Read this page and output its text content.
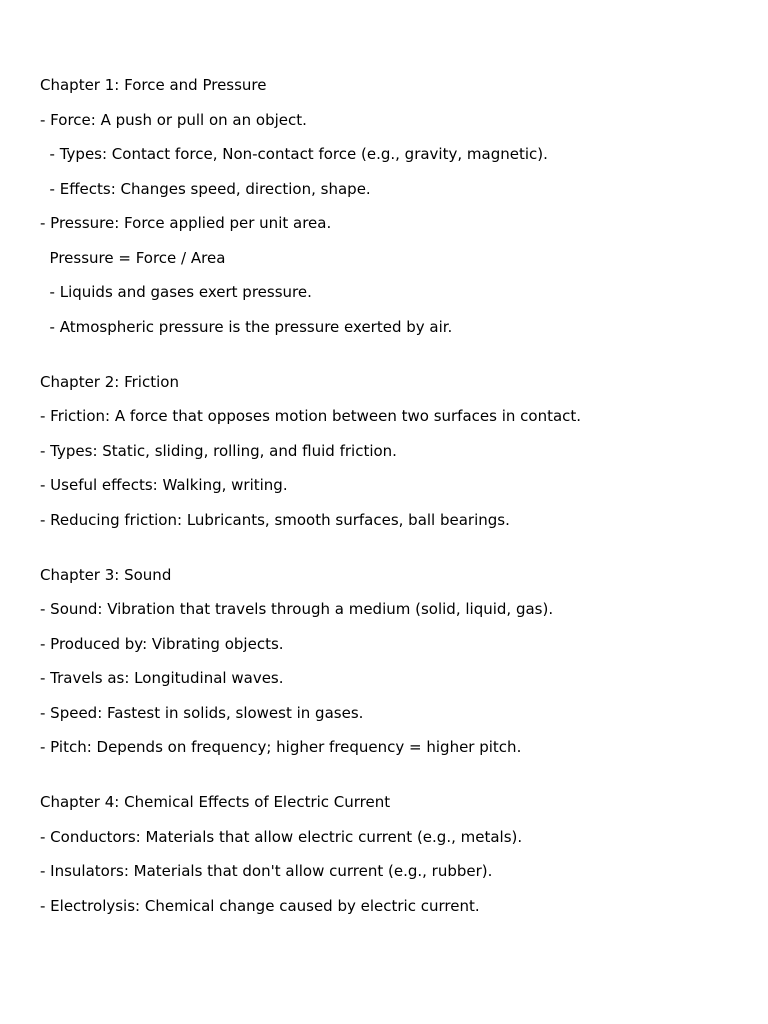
Chapter 1: Force and Pressure
- Force: A push or pull on an object.
- Types: Contact force, Non-contact force (e.g., gravity, magnetic).
- Effects: Changes speed, direction, shape.
- Pressure: Force applied per unit area.
Pressure = Force / Area
- Liquids and gases exert pressure.
- Atmospheric pressure is the pressure exerted by air.
Chapter 2: Friction
- Friction: A force that opposes motion between two surfaces in contact.
- Types: Static, sliding, rolling, and fluid friction.
- Useful effects: Walking, writing.
- Reducing friction: Lubricants, smooth surfaces, ball bearings.
Chapter 3: Sound
- Sound: Vibration that travels through a medium (solid, liquid, gas).
- Produced by: Vibrating objects.
- Travels as: Longitudinal waves.
- Speed: Fastest in solids, slowest in gases.
- Pitch: Depends on frequency; higher frequency = higher pitch.
Chapter 4: Chemical Effects of Electric Current
- Conductors: Materials that allow electric current (e.g., metals).
- Insulators: Materials that don't allow current (e.g., rubber).
- Electrolysis: Chemical change caused by electric current.
